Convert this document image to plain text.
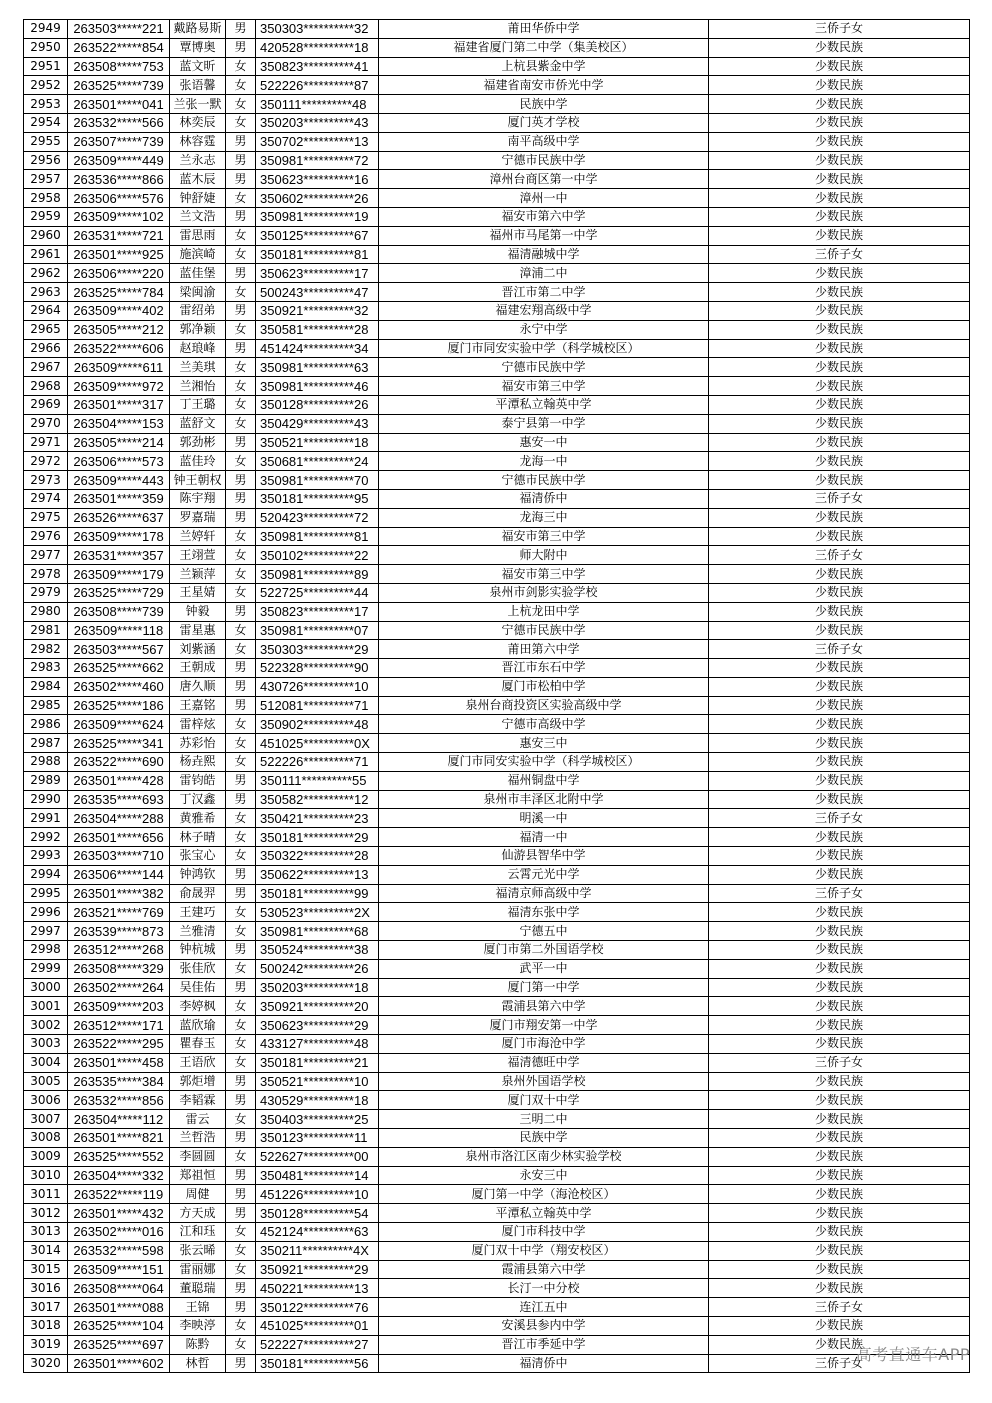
2949	263503*****221	戴路易斯	男	350303**********32	莆田华侨中学	三侨子女
2950	263522*****854	覃博奥	男	420528**********18	福建省厦门第二中学（集美校区）	少数民族
2951	263508*****753	蓝文昕	女	350823**********41	上杭县紫金中学	少数民族
2952	263525*****739	张语馨	女	522226**********87	福建省南安市侨光中学	少数民族
2953	263501*****041	兰张一默	女	350111**********48	民族中学	少数民族
2954	263532*****566	林奕辰	女	350203**********43	厦门英才学校	少数民族
2955	263507*****739	林容霆	男	350702**********13	南平高级中学	少数民族
2956	263509*****449	兰永志	男	350981**********72	宁德市民族中学	少数民族
2957	263536*****866	蓝木辰	男	350623**********16	漳州台商区第一中学	少数民族
2958	263506*****576	钟舒婕	女	350602**********26	漳州一中	少数民族
2959	263509*****102	兰文浩	男	350981**********19	福安市第六中学	少数民族
2960	263531*****721	雷思雨	女	350125**********67	福州市马尾第一中学	少数民族
2961	263501*****925	施滨崎	女	350181**********81	福清融城中学	三侨子女
2962	263506*****220	蓝佳堡	男	350623**********17	漳浦二中	少数民族
2963	263525*****784	梁闽渝	女	500243**********47	晋江市第二中学	少数民族
2964	263509*****402	雷绍弟	男	350921**********32	福建宏翔高级中学	少数民族
2965	263505*****212	郭净颖	女	350581**********28	永宁中学	少数民族
2966	263522*****606	赵琅峰	男	451424**********34	厦门市同安实验中学（科学城校区）	少数民族
2967	263509*****611	兰美琪	女	350981**********63	宁德市民族中学	少数民族
2968	263509*****972	兰湘怡	女	350981**********46	福安市第三中学	少数民族
2969	263501*****317	丁王璐	女	350128**********26	平潭私立翰英中学	少数民族
2970	263504*****153	蓝舒文	女	350429**********43	泰宁县第一中学	少数民族
2971	263505*****214	郭劲彬	男	350521**********18	惠安一中	少数民族
2972	263506*****573	蓝佳玲	女	350681**********24	龙海一中	少数民族
2973	263509*****443	钟王朝权	男	350981**********70	宁德市民族中学	少数民族
2974	263501*****359	陈宇翔	男	350181**********95	福清侨中	三侨子女
2975	263526*****637	罗嘉瑞	男	520423**********72	龙海三中	少数民族
2976	263509*****178	兰婷轩	女	350981**********81	福安市第三中学	少数民族
2977	263531*****357	王翊萱	女	350102**********22	师大附中	三侨子女
2978	263509*****179	兰颖萍	女	350981**********89	福安市第三中学	少数民族
2979	263525*****729	王星婧	女	522725**********44	泉州市剑影实验学校	少数民族
2980	263508*****739	钟毅	男	350823**********17	上杭龙田中学	少数民族
2981	263509*****118	雷星惠	女	350981**********07	宁德市民族中学	少数民族
2982	263503*****567	刘紫涵	女	350303**********29	莆田第六中学	三侨子女
2983	263525*****662	王朝成	男	522328**********90	晋江市东石中学	少数民族
2984	263502*****460	唐久顺	男	430726**********10	厦门市松柏中学	少数民族
2985	263525*****186	王嘉铭	男	512081**********71	泉州台商投资区实验高级中学	少数民族
2986	263509*****624	雷梓炫	女	350902**********48	宁德市高级中学	少数民族
2987	263525*****341	苏彩怡	女	451025**********0X	惠安三中	少数民族
2988	263522*****690	杨垚熙	女	522226**********71	厦门市同安实验中学（科学城校区）	少数民族
2989	263501*****428	雷钧皓	男	350111**********55	福州铜盘中学	少数民族
2990	263535*****693	丁汉鑫	男	350582**********12	泉州市丰泽区北附中学	少数民族
2991	263504*****288	黄雅希	女	350421**********23	明溪一中	三侨子女
2992	263501*****656	林子晴	女	350181**********29	福清一中	少数民族
2993	263503*****710	张宝心	女	350322**********28	仙游县智华中学	少数民族
2994	263506*****144	钟鸿钦	男	350622**********13	云霄元光中学	少数民族
2995	263501*****382	俞晟羿	男	350181**********99	福清京师高级中学	三侨子女
2996	263521*****769	王建巧	女	530523**********2X	福清东张中学	少数民族
2997	263539*****873	兰雅清	女	350981**********68	宁德五中	少数民族
2998	263512*****268	钟杭城	男	350524**********38	厦门市第二外国语学校	少数民族
2999	263508*****329	张佳欣	女	500242**********26	武平一中	少数民族
3000	263502*****264	吴佳佑	男	350203**********18	厦门第一中学	少数民族
3001	263509*****203	李婷枫	女	350921**********20	霞浦县第六中学	少数民族
3002	263512*****171	蓝欣瑜	女	350623**********29	厦门市翔安第一中学	少数民族
3003	263522*****295	瞿春玉	女	433127**********48	厦门市海沧中学	少数民族
3004	263501*****458	王语欣	女	350181**********21	福清德旺中学	三侨子女
3005	263535*****384	郭炬增	男	350521**********10	泉州外国语学校	少数民族
3006	263532*****856	李韬霖	男	430529**********18	厦门双十中学	少数民族
3007	263504*****112	雷云	女	350403**********25	三明二中	少数民族
3008	263501*****821	兰哲浩	男	350123**********11	民族中学	少数民族
3009	263525*****552	李圆圆	女	522627**********00	泉州市洛江区南少林实验学校	少数民族
3010	263504*****332	郑祖恒	男	350481**********14	永安三中	少数民族
3011	263522*****119	周健	男	451226**********10	厦门第一中学（海沧校区）	少数民族
3012	263501*****432	方天成	男	350128**********54	平潭私立翰英中学	少数民族
3013	263502*****016	江和珏	女	452124**********63	厦门市科技中学	少数民族
3014	263532*****598	张云晞	女	350211**********4X	厦门双十中学（翔安校区）	少数民族
3015	263509*****151	雷丽娜	女	350921**********29	霞浦县第六中学	少数民族
3016	263508*****064	董聪瑞	男	450221**********13	长汀一中分校	少数民族
3017	263501*****088	王锦	男	350122**********76	连江五中	三侨子女
3018	263525*****104	李映渟	女	451025**********01	安溪县参内中学	少数民族
3019	263525*****697	陈黔	女	522227**********27	晋江市季延中学	少数民族
3020	263501*****602	林哲	男	350181**********56	福清侨中	三侨子女
高考直通车APP
